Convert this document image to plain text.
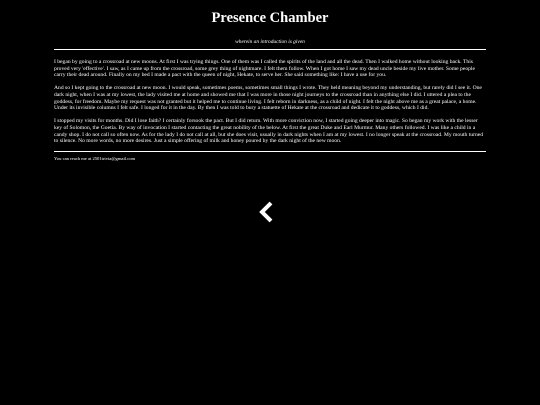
Presence Chamber
wherein an introduction is given

I began by going to a crossroad at new moons. At first I was trying things. One of them was I called the spirits of the land and all the dead. Then I walked home without looking back. This proved very 'effective'. I saw, as I came up from the crossroad, some grey thing of nightmare. I felt them follow. When I got home I saw my dead uncle beside my live mother. Some people carry their dead around. Finally on my bed I made a pact with the queen of night, Hekate, to serve her. She said something like: I have a use for you.

And so I kept going to the crossroad at new moon. I would speak, sometimes poems, sometimes small things I wrote. They held meaning beyond my understanding, but rarely did I see it. One dark night, when I was at my lowest, the lady visited me at home and showed me that I was more in those night journeys to the crossroad than in anything else I did. I uttered a plea to the goddess, for freedom. Maybe my request was not granted but it helped me to continue living. I felt reborn in darkness, as a child of night. I felt the night above me as a great palace, a home. Under its invisible columns I felt safe. I longed for it in the day. By then I was told to bury a statuette of Hekate at the crossroad and dedicate it to goddess, which I did.

I stopped my visits for months. Did I lose faith? I certainly forsook the pact. But I did return. With more conviction now, I started going deeper into magic. So began my work with the lesser key of Solomon, the Goetia. By way of invocation I started contacting the great nobility of the below. At first the great Duke and Earl Murmur. Many others followed. I was like a child in a candy shop. I do not call so often now. As for the lady I do not call at all, but she does visit, usually in dark nights when I am at my lowest. I no longer speak at the crossroad. My mouth turned to silence. No more words, no more desires. Just a simple offering of milk and honey poured by the dark night of the new moon.

You can reach me at 2501trivia@gmail.com
